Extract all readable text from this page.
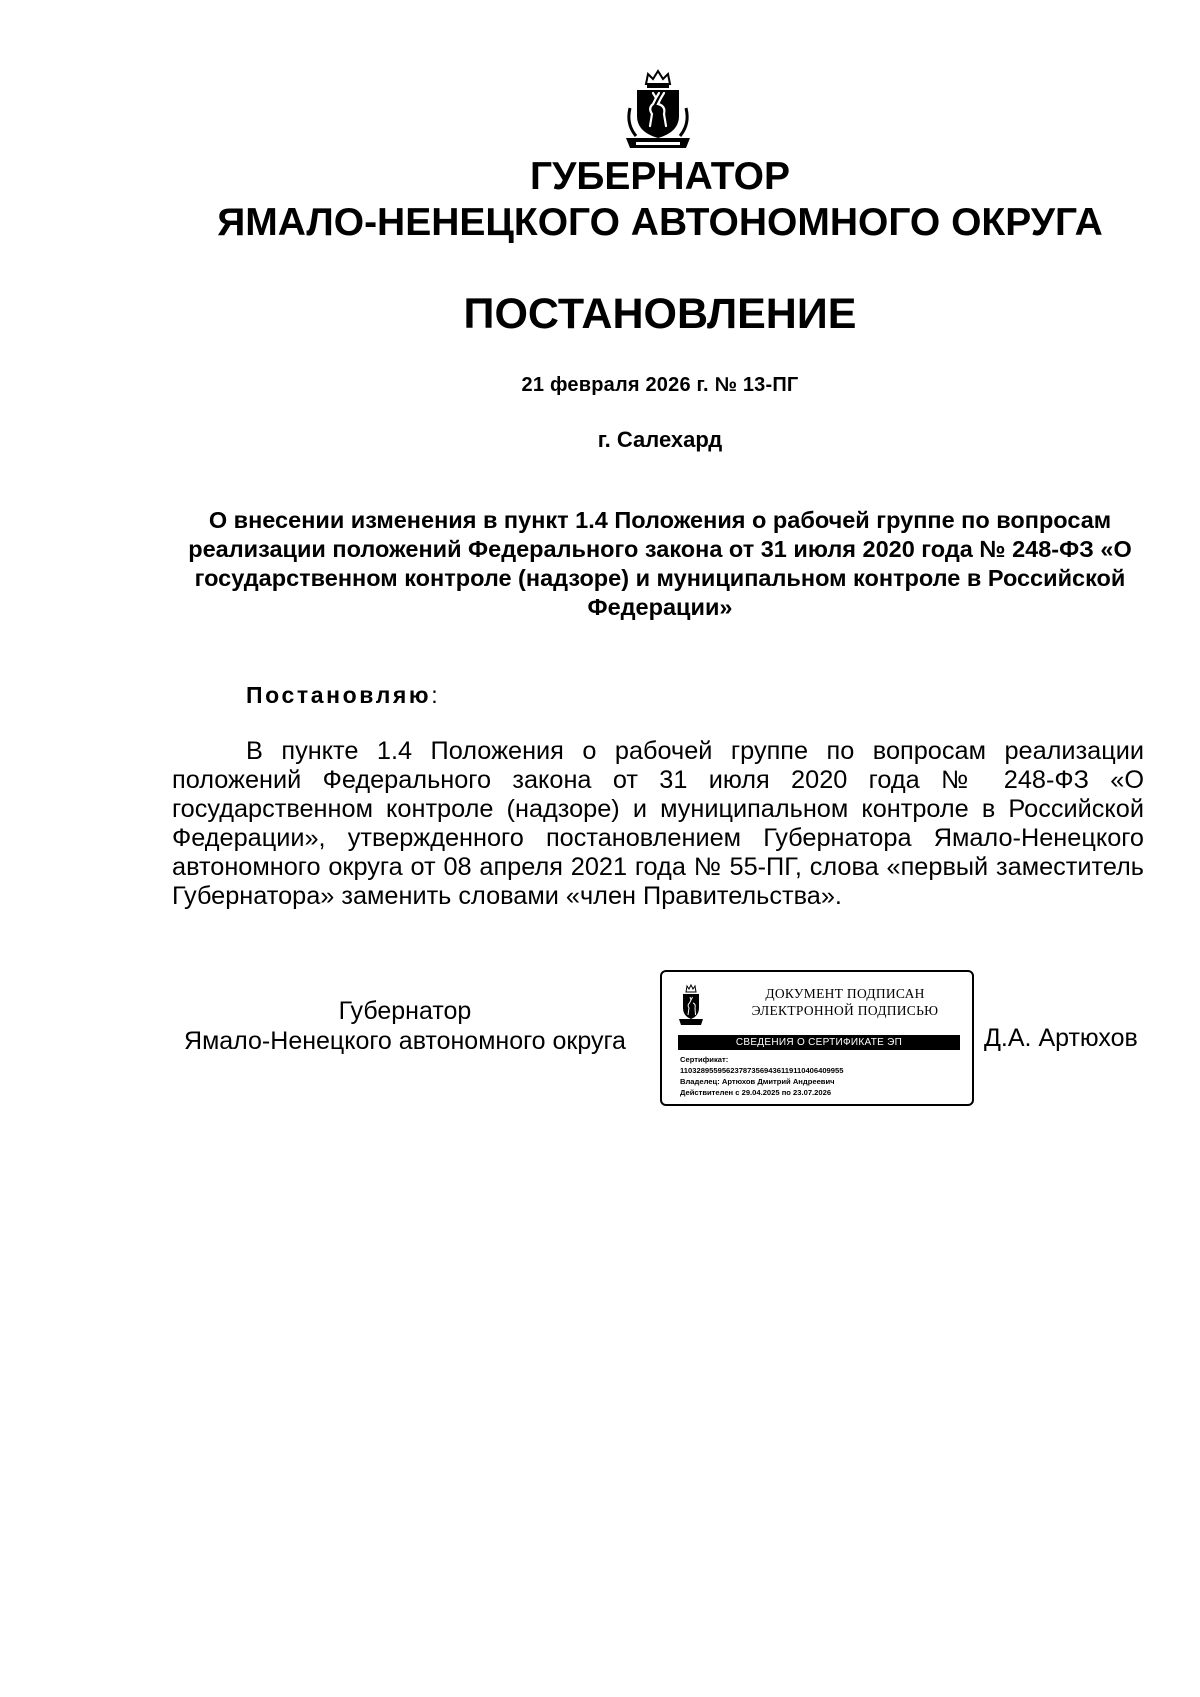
ГУБЕРНАТОР
ЯМАЛО-НЕНЕЦКОГО АВТОНОМНОГО ОКРУГА
ПОСТАНОВЛЕНИЕ
21 февраля 2026 г. № 13-ПГ
г. Салехард
О внесении изменения в пункт 1.4 Положения о рабочей группе по вопросам реализации положений Федерального закона от 31 июля 2020 года № 248-ФЗ «О государственном контроле (надзоре) и муниципальном контроле в Российской Федерации»
Постановляю:
В пункте 1.4 Положения о рабочей группе по вопросам реализации положений Федерального закона от 31 июля 2020 года № 248-ФЗ «О государственном контроле (надзоре) и муниципальном контроле в Российской Федерации», утвержденного постановлением Губернатора Ямало-Ненецкого автономного округа от 08 апреля 2021 года № 55-ПГ, слова «первый заместитель Губернатора» заменить словами «член Правительства».
Губернатор
Ямало-Ненецкого автономного округа
ДОКУМЕНТ ПОДПИСАН
ЭЛЕКТРОННОЙ ПОДПИСЬЮ
СВЕДЕНИЯ О СЕРТИФИКАТЕ ЭП
Сертификат:
110328955956237873569436119110406409955
Владелец: Артюхов Дмитрий Андреевич
Действителен с 29.04.2025 по 23.07.2026
Д.А. Артюхов
